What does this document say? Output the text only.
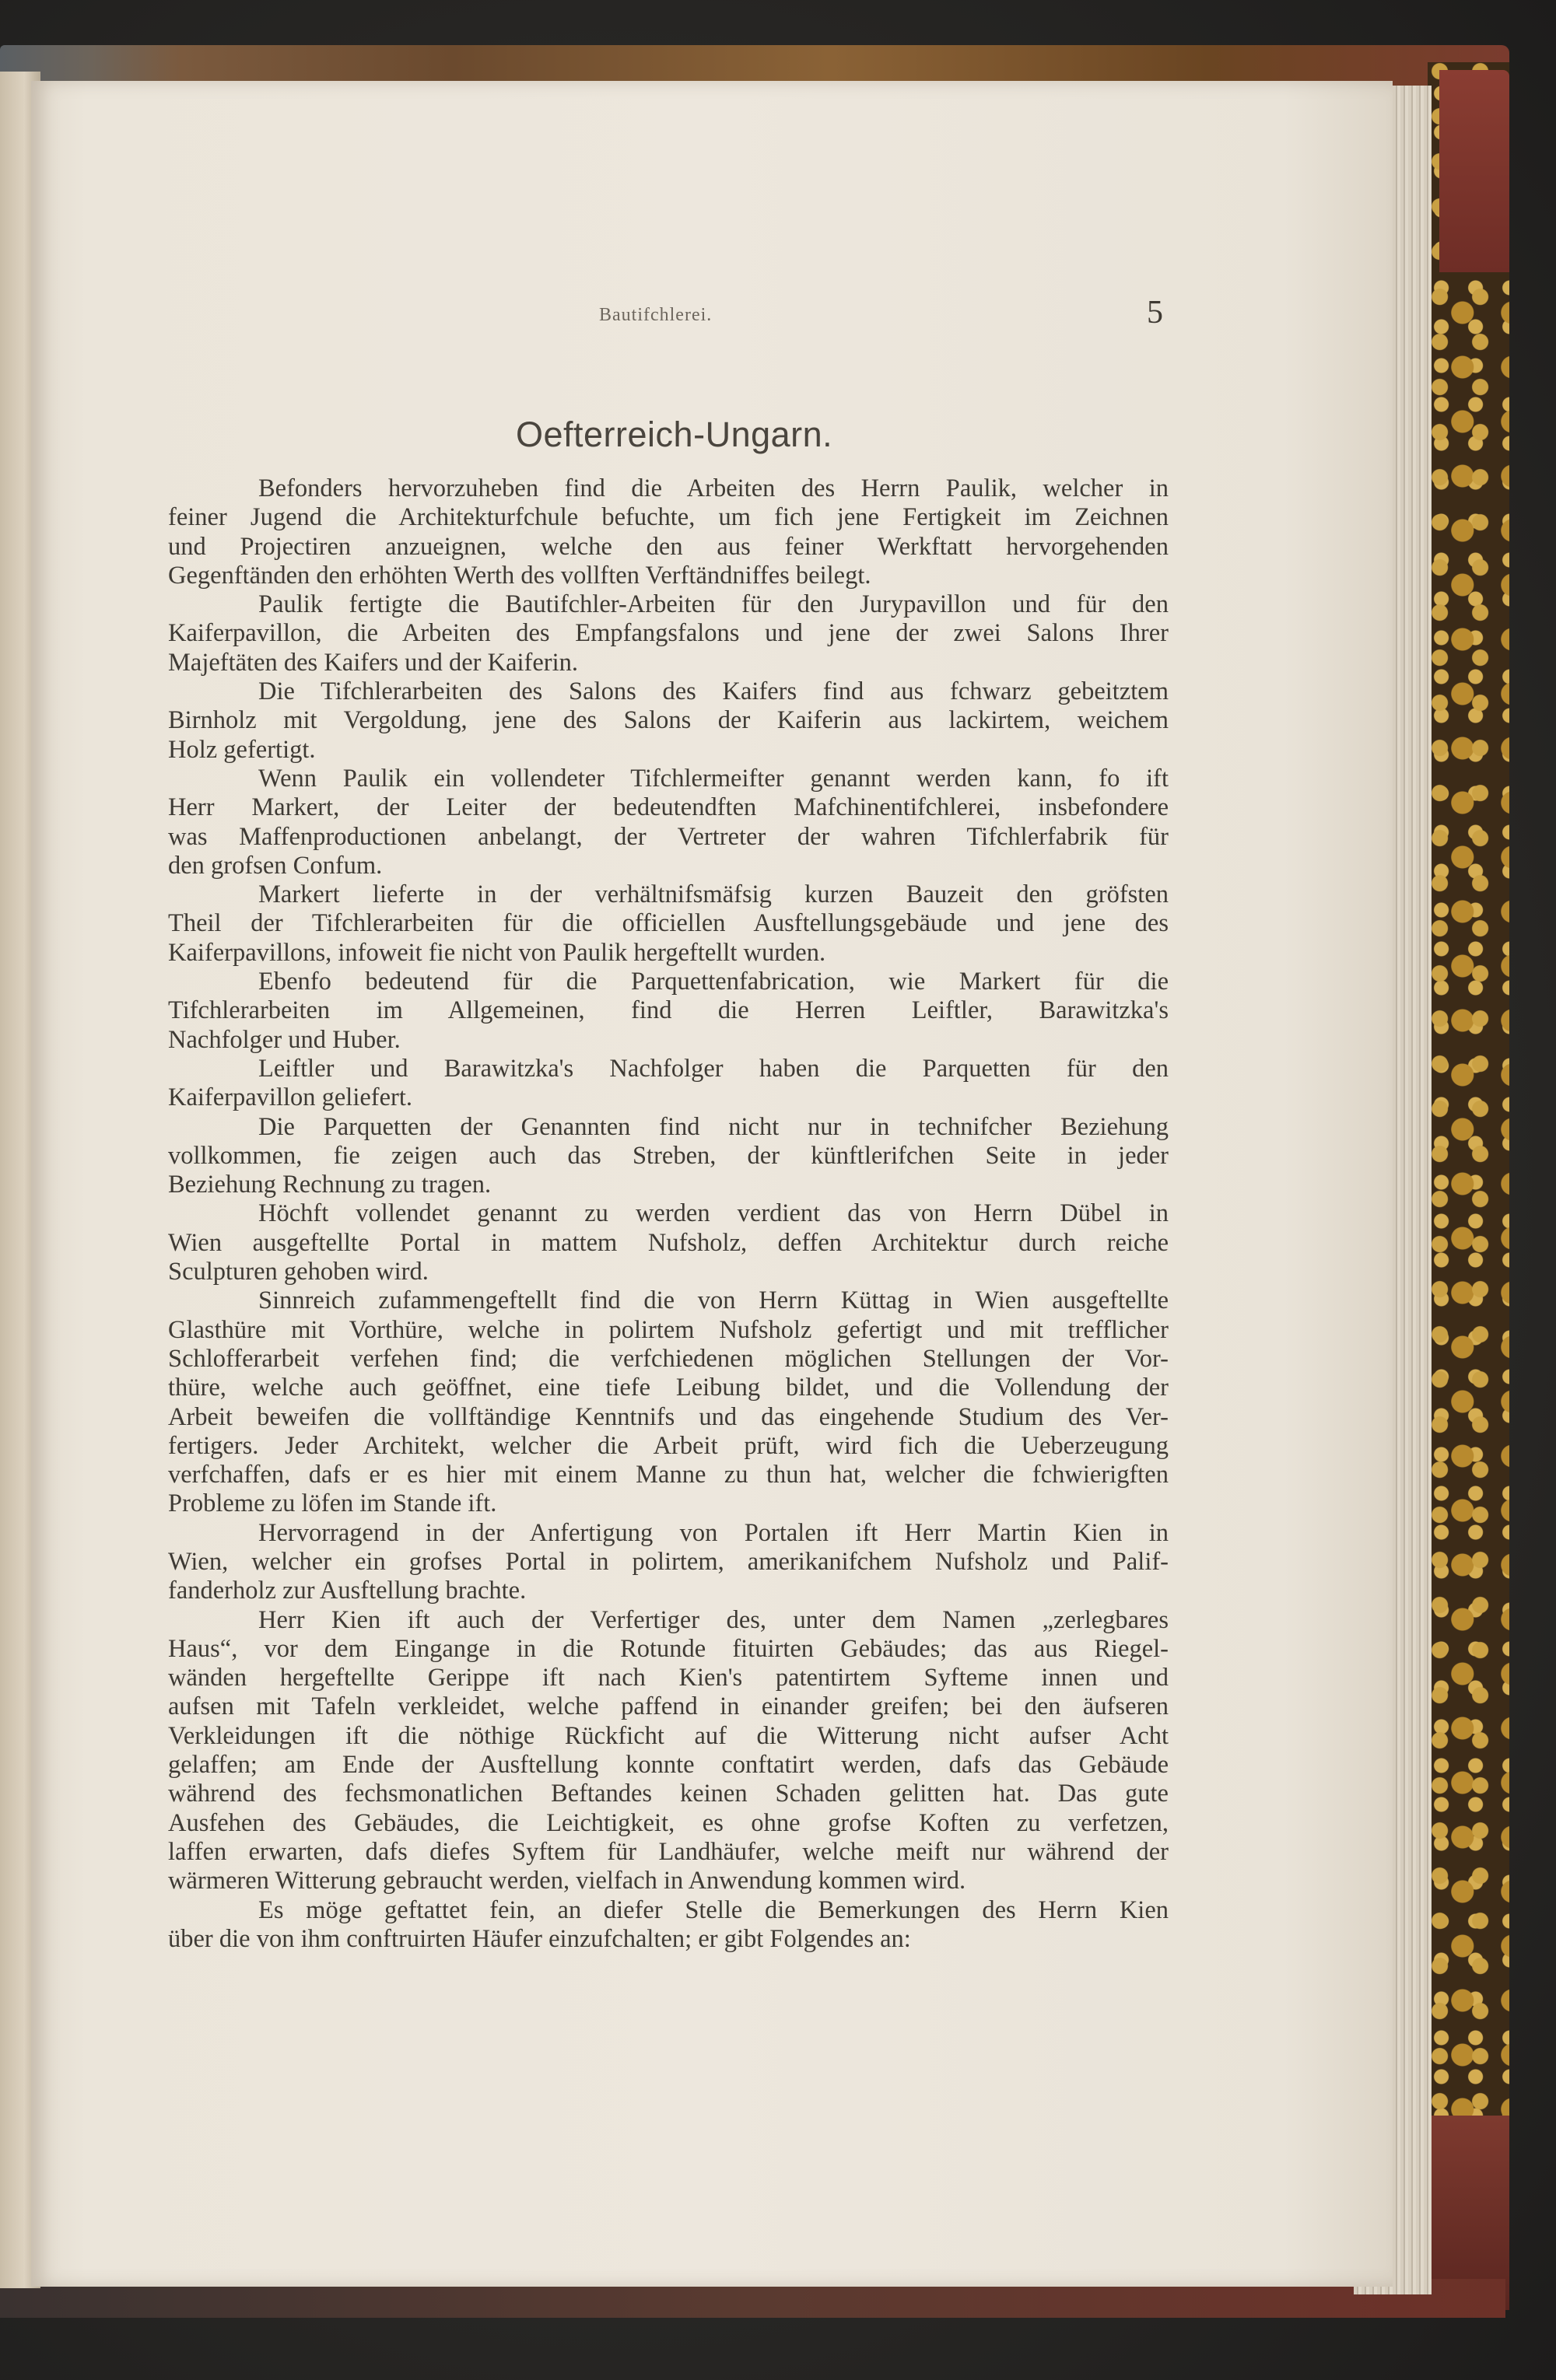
Bautifchlerei.	5
Oefterreich-Ungarn.
Befonders hervorzuheben find die Arbeiten des Herrn Paulik, welcher in
feiner Jugend die Architekturfchule befuchte, um fich jene Fertigkeit im Zeichnen
und Projectiren anzueignen, welche den aus feiner Werkftatt hervorgehenden
Gegenftänden den erhöhten Werth des vollften Verftändniffes beilegt.
Paulik fertigte die Bautifchler-Arbeiten für den Jurypavillon und für den
Kaiferpavillon, die Arbeiten des Empfangsfalons und jene der zwei Salons Ihrer
Majeftäten des Kaifers und der Kaiferin.
Die Tifchlerarbeiten des Salons des Kaifers find aus fchwarz gebeitztem
Birnholz mit Vergoldung, jene des Salons der Kaiferin aus lackirtem, weichem
Holz gefertigt.
Wenn Paulik ein vollendeter Tifchlermeifter genannt werden kann, fo ift
Herr Markert, der Leiter der bedeutendften Mafchinentifchlerei, insbefondere
was Maffenproductionen anbelangt, der Vertreter der wahren Tifchlerfabrik für
den grofsen Confum.
Markert lieferte in der verhältnifsmäfsig kurzen Bauzeit den gröfsten
Theil der Tifchlerarbeiten für die officiellen Ausftellungsgebäude und jene des
Kaiferpavillons, infoweit fie nicht von Paulik hergeftellt wurden.
Ebenfo bedeutend für die Parquettenfabrication, wie Markert für die
Tifchlerarbeiten im Allgemeinen, find die Herren Leiftler, Barawitzka's
Nachfolger und Huber.
Leiftler und Barawitzka's Nachfolger haben die Parquetten für den
Kaiferpavillon geliefert.
Die Parquetten der Genannten find nicht nur in technifcher Beziehung
vollkommen, fie zeigen auch das Streben, der künftlerifchen Seite in jeder
Beziehung Rechnung zu tragen.
Höchft vollendet genannt zu werden verdient das von Herrn Dübel in
Wien ausgeftellte Portal in mattem Nufsholz, deffen Architektur durch reiche
Sculpturen gehoben wird.
Sinnreich zufammengeftellt find die von Herrn Küttag in Wien ausgeftellte
Glasthüre mit Vorthüre, welche in polirtem Nufsholz gefertigt und mit trefflicher
Schlofferarbeit verfehen find; die verfchiedenen möglichen Stellungen der Vor-
thüre, welche auch geöffnet, eine tiefe Leibung bildet, und die Vollendung der
Arbeit beweifen die vollftändige Kenntnifs und das eingehende Studium des Ver-
fertigers. Jeder Architekt, welcher die Arbeit prüft, wird fich die Ueberzeugung
verfchaffen, dafs er es hier mit einem Manne zu thun hat, welcher die fchwierigften
Probleme zu löfen im Stande ift.
Hervorragend in der Anfertigung von Portalen ift Herr Martin Kien in
Wien, welcher ein grofses Portal in polirtem, amerikanifchem Nufsholz und Palif-
fanderholz zur Ausftellung brachte.
Herr Kien ift auch der Verfertiger des, unter dem Namen „zerlegbares
Haus“, vor dem Eingange in die Rotunde fituirten Gebäudes; das aus Riegel-
wänden hergeftellte Gerippe ift nach Kien's patentirtem Syfteme innen und
aufsen mit Tafeln verkleidet, welche paffend in einander greifen; bei den äufseren
Verkleidungen ift die nöthige Rückficht auf die Witterung nicht aufser Acht
gelaffen; am Ende der Ausftellung konnte conftatirt werden, dafs das Gebäude
während des fechsmonatlichen Beftandes keinen Schaden gelitten hat. Das gute
Ausfehen des Gebäudes, die Leichtigkeit, es ohne grofse Koften zu verfetzen,
laffen erwarten, dafs diefes Syftem für Landhäufer, welche meift nur während der
wärmeren Witterung gebraucht werden, vielfach in Anwendung kommen wird.
Es möge geftattet fein, an diefer Stelle die Bemerkungen des Herrn Kien
über die von ihm conftruirten Häufer einzufchalten; er gibt Folgendes an:
